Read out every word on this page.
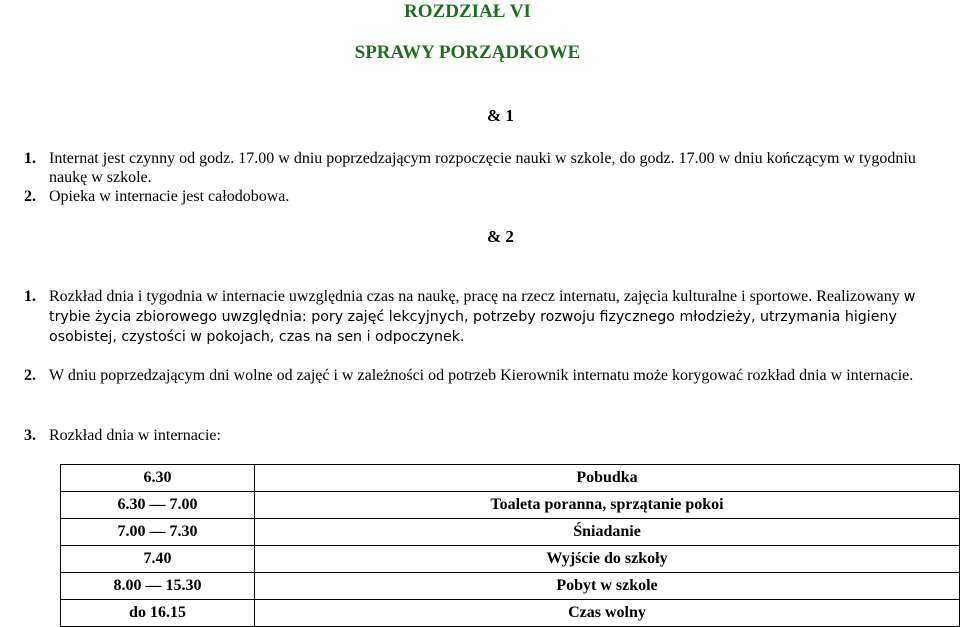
ROZDZIAŁ VI
SPRAWY PORZĄDKOWE
& 1
1. Internat jest czynny od godz. 17.00 w dniu poprzedzającym rozpoczęcie nauki w szkole, do godz. 17.00 w dniu kończącym w tygodniu naukę w szkole.
2. Opieka w internacie jest całodobowa.
& 2
1. Rozkład dnia i tygodnia w internacie uwzględnia czas na naukę, pracę na rzecz internatu, zajęcia kulturalne i sportowe. Realizowany w trybie życia zbiorowego uwzględnia: pory zajęć lekcyjnych, potrzeby rozwoju fizycznego młodzieży, utrzymania higieny osobistej, czystości w pokojach, czas na sen i odpoczynek.
2. W dniu poprzedzającym dni wolne od zajęć i w zależności od potrzeb Kierownik internatu może korygować rozkład dnia w internacie.
3. Rozkład dnia w internacie:
6.30	Pobudka
6.30 — 7.00	Toaleta poranna, sprzątanie pokoi
7.00 — 7.30	Śniadanie
7.40	Wyjście do szkoły
8.00 — 15.30	Pobyt w szkole
do 16.15	Czas wolny
